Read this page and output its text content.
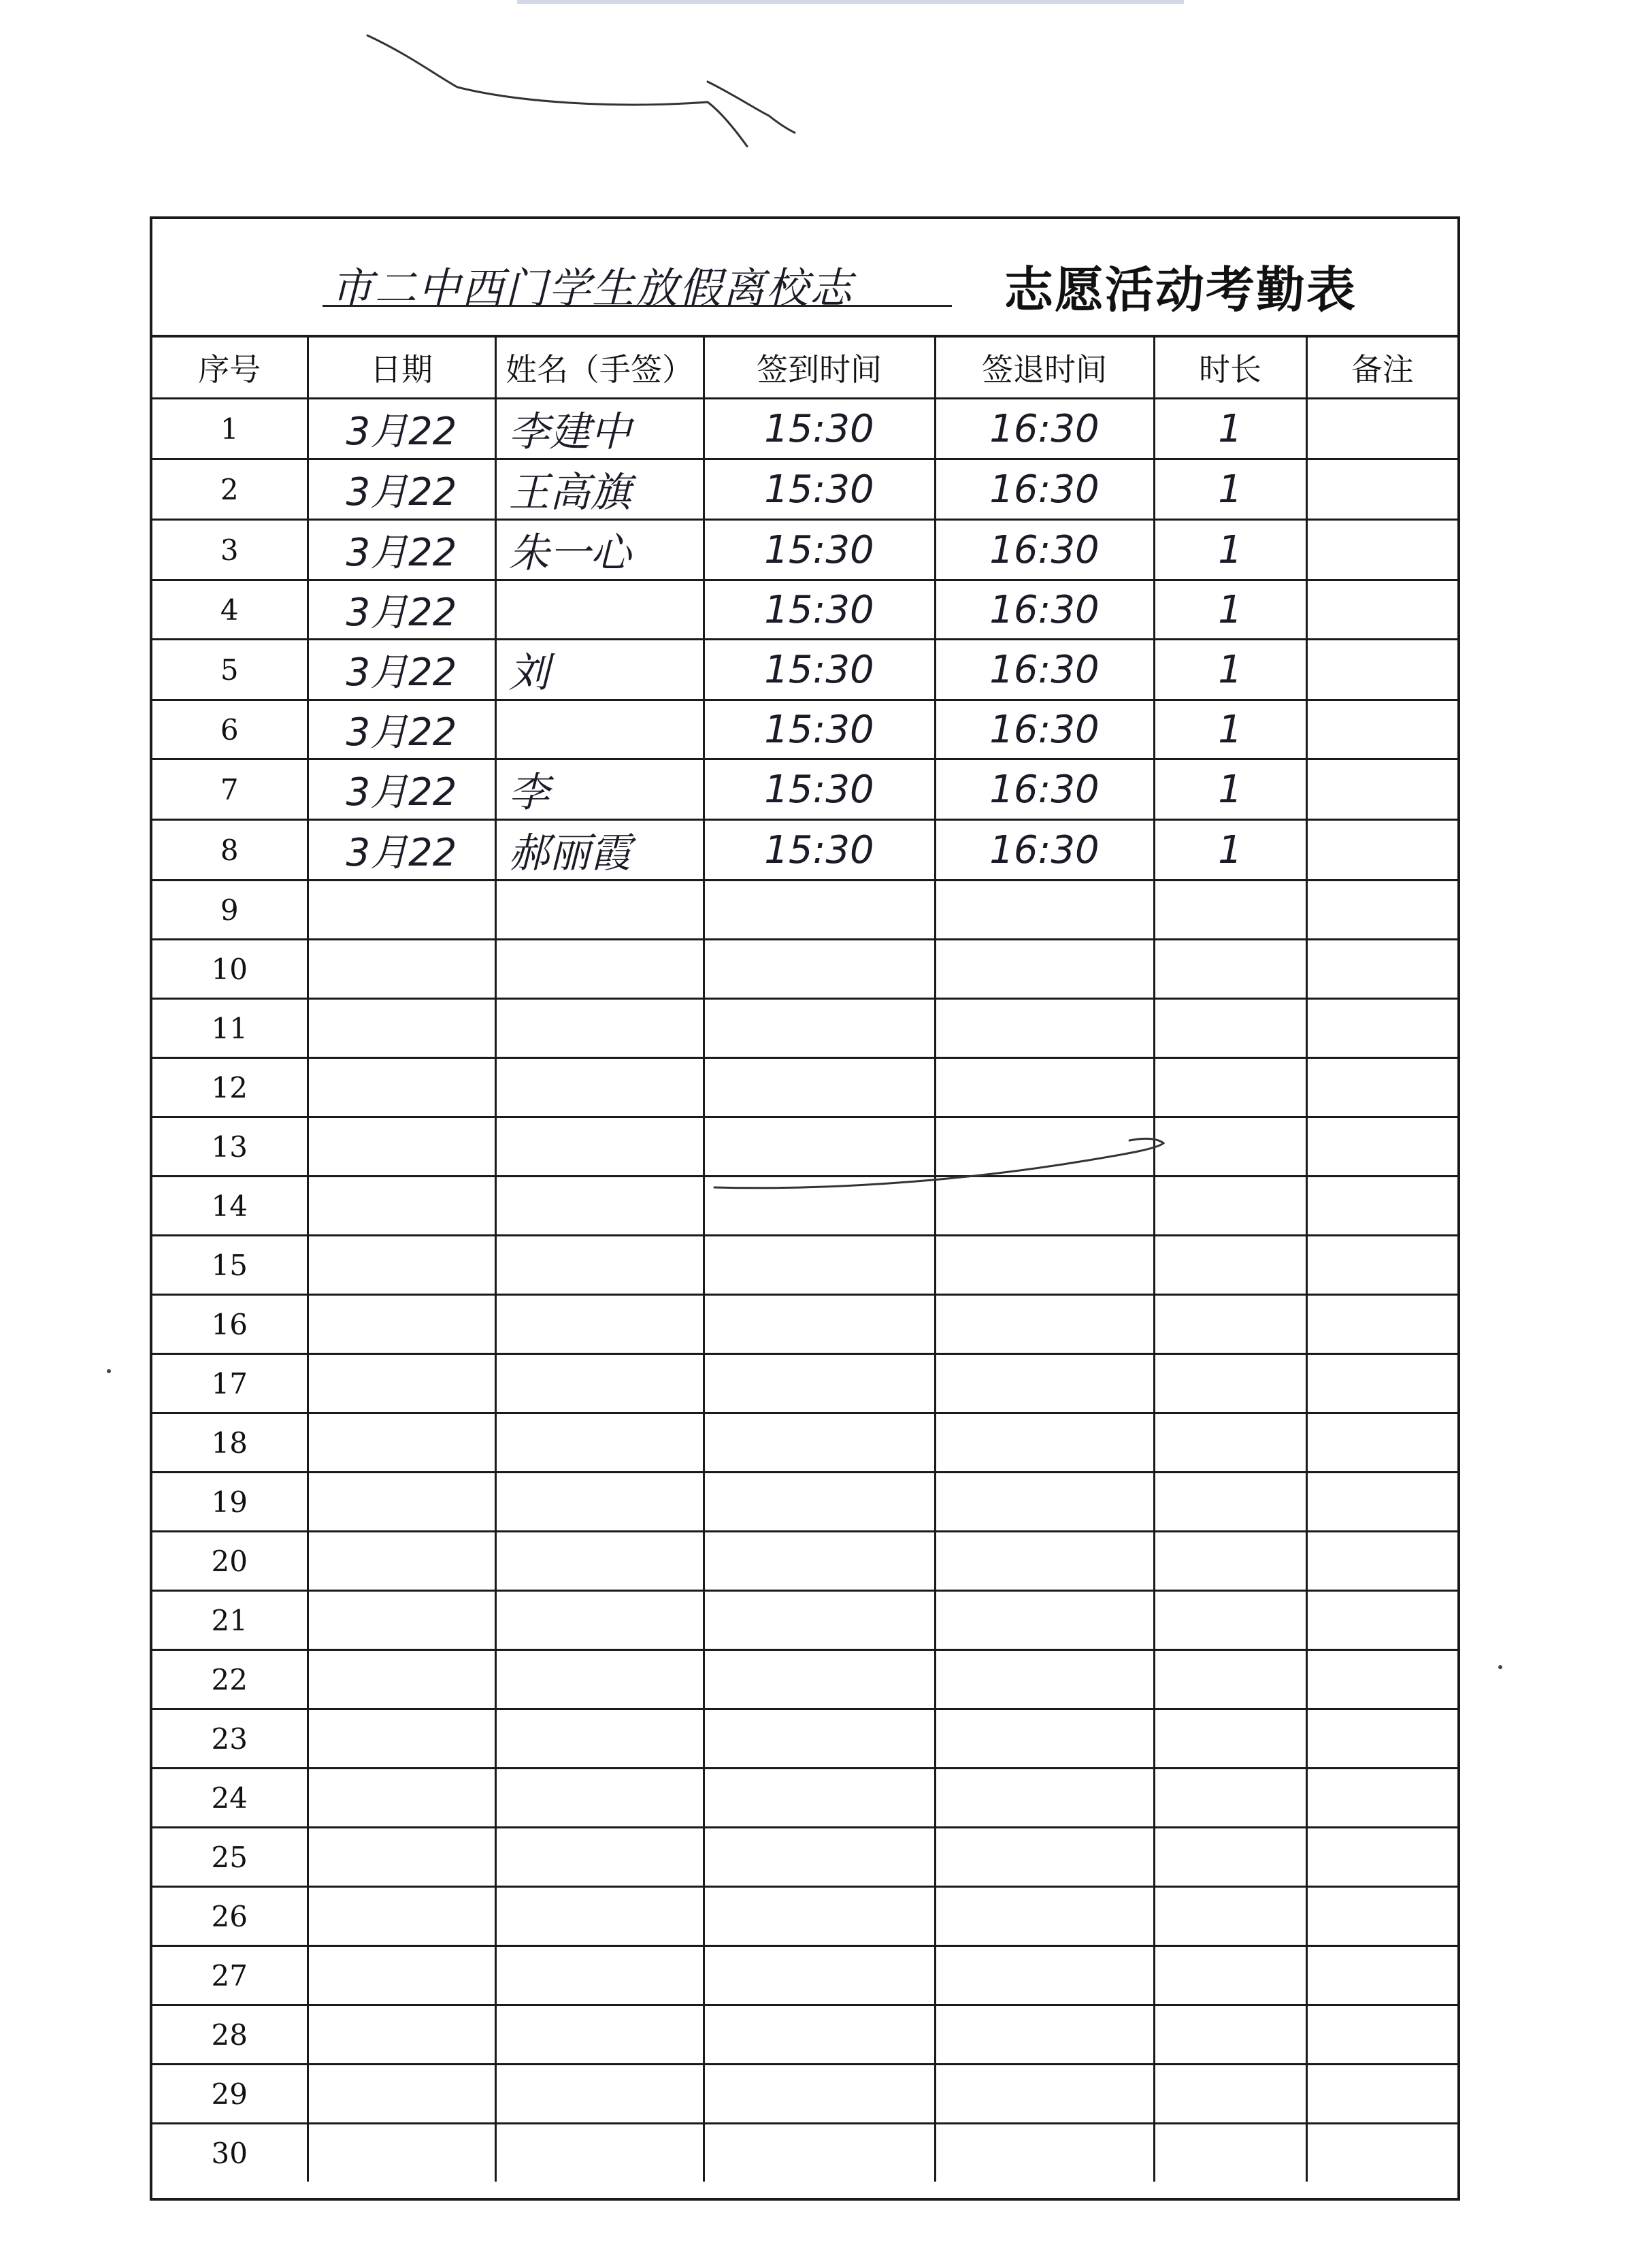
市二中西门学生放假离校志	志愿活动考勤表
序号	日期	姓名（手签）	签到时间	签退时间	时长	备注
1	3月22	李建中	15:30	16:30	1	
2	3月22	王高旗	15:30	16:30	1	
3	3月22	朱一心	15:30	16:30	1	
4	3月22		15:30	16:30	1	
5	3月22	刘	15:30	16:30	1	
6	3月22		15:30	16:30	1	
7	3月22	李	15:30	16:30	1	
8	3月22	郝丽霞	15:30	16:30	1	
9						
10						
11						
12						
13						
14						
15						
16						
17						
18						
19						
20						
21						
22						
23						
24						
25						
26						
27						
28						
29						
30						
